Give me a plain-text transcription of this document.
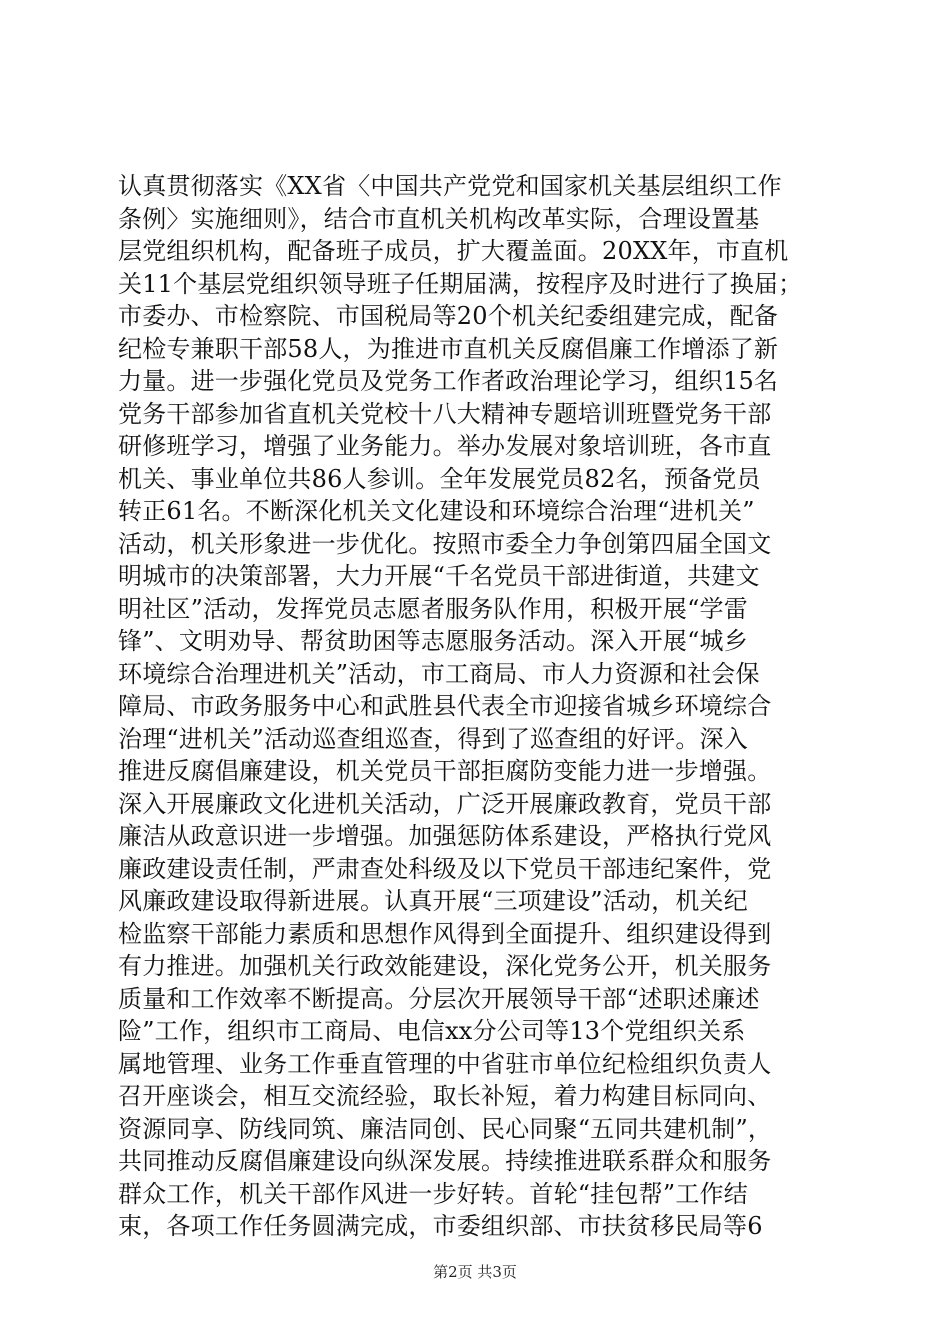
认真贯彻落实《XX省〈中国共产党党和国家机关基层组织工作
条例〉实施细则》，结合市直机关机构改革实际，合理设置基
层党组织机构，配备班子成员，扩大覆盖面。20XX年，市直机
关11个基层党组织领导班子任期届满，按程序及时进行了换届；
市委办、市检察院、市国税局等20个机关纪委组建完成，配备
纪检专兼职干部58人，为推进市直机关反腐倡廉工作增添了新
力量。进一步强化党员及党务工作者政治理论学习，组织15名
党务干部参加省直机关党校十八大精神专题培训班暨党务干部
研修班学习，增强了业务能力。举办发展对象培训班，各市直
机关、事业单位共86人参训。全年发展党员82名，预备党员
转正61名。不断深化机关文化建设和环境综合治理“进机关”
活动，机关形象进一步优化。按照市委全力争创第四届全国文
明城市的决策部署，大力开展“千名党员干部进街道，共建文
明社区”活动，发挥党员志愿者服务队作用，积极开展“学雷
锋”、文明劝导、帮贫助困等志愿服务活动。深入开展“城乡
环境综合治理进机关”活动，市工商局、市人力资源和社会保
障局、市政务服务中心和武胜县代表全市迎接省城乡环境综合
治理“进机关”活动巡查组巡查，得到了巡查组的好评。深入
推进反腐倡廉建设，机关党员干部拒腐防变能力进一步增强。
深入开展廉政文化进机关活动，广泛开展廉政教育，党员干部
廉洁从政意识进一步增强。加强惩防体系建设，严格执行党风
廉政建设责任制，严肃查处科级及以下党员干部违纪案件，党
风廉政建设取得新进展。认真开展“三项建设”活动，机关纪
检监察干部能力素质和思想作风得到全面提升、组织建设得到
有力推进。加强机关行政效能建设，深化党务公开，机关服务
质量和工作效率不断提高。分层次开展领导干部“述职述廉述
险”工作，组织市工商局、电信xx分公司等13个党组织关系
属地管理、业务工作垂直管理的中省驻市单位纪检组织负责人
召开座谈会，相互交流经验，取长补短，着力构建目标同向、
资源同享、防线同筑、廉洁同创、民心同聚“五同共建机制”，
共同推动反腐倡廉建设向纵深发展。持续推进联系群众和服务
群众工作，机关干部作风进一步好转。首轮“挂包帮”工作结
束，各项工作任务圆满完成，市委组织部、市扶贫移民局等6
第2页 共3页
